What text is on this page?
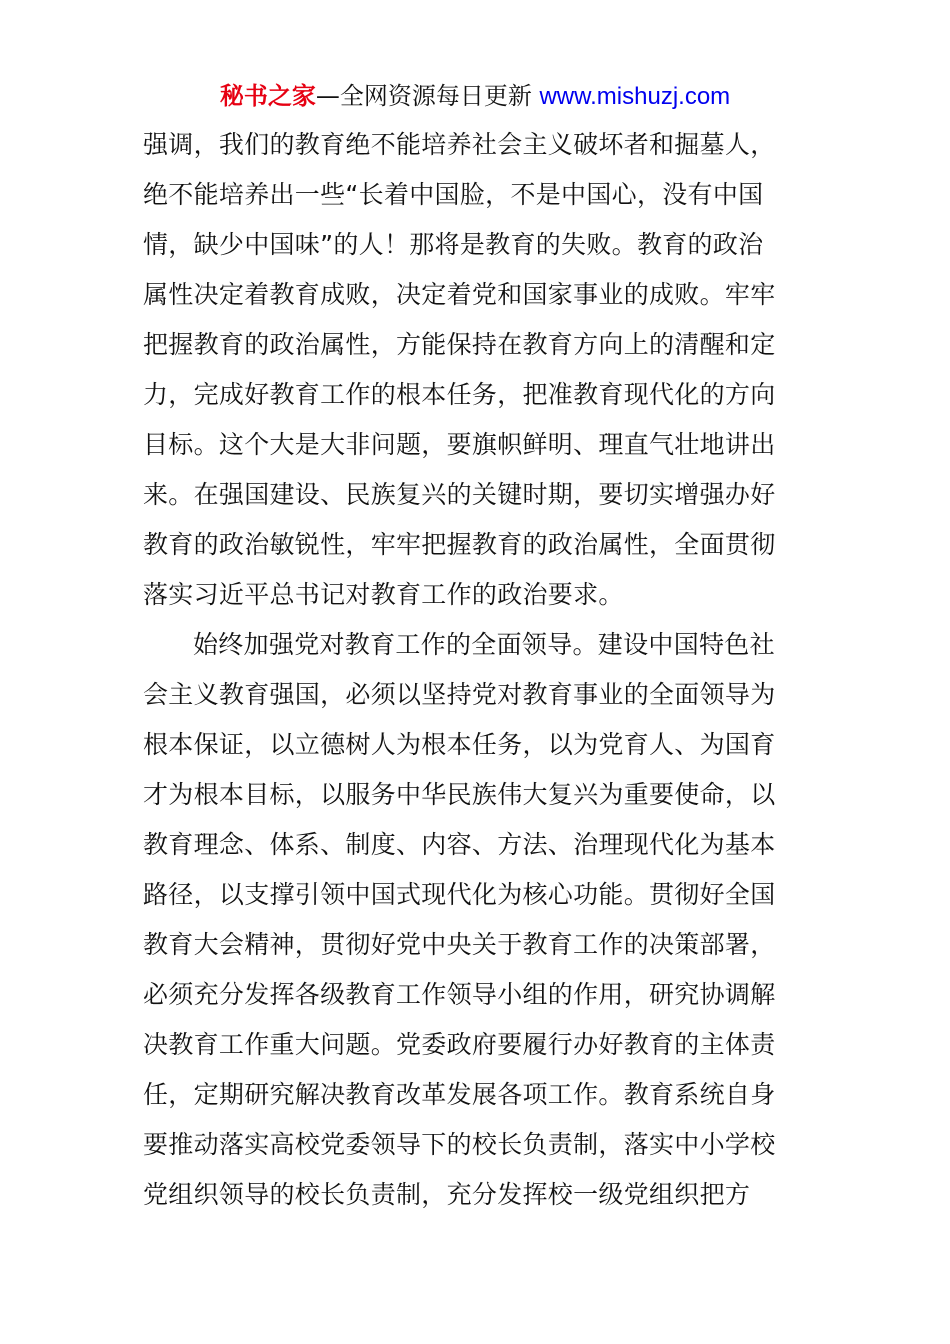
秘书之家—全网资源每日更新 www.mishuzj.com
强调，我们的教育绝不能培养社会主义破坏者和掘墓人，
绝不能培养出一些“长着中国脸，不是中国心，没有中国
情，缺少中国味”的人！那将是教育的失败。教育的政治
属性决定着教育成败，决定着党和国家事业的成败。牢牢
把握教育的政治属性，方能保持在教育方向上的清醒和定
力，完成好教育工作的根本任务，把准教育现代化的方向
目标。这个大是大非问题，要旗帜鲜明、理直气壮地讲出
来。在强国建设、民族复兴的关键时期，要切实增强办好
教育的政治敏锐性，牢牢把握教育的政治属性，全面贯彻
落实习近平总书记对教育工作的政治要求。
始终加强党对教育工作的全面领导。建设中国特色社
会主义教育强国，必须以坚持党对教育事业的全面领导为
根本保证，以立德树人为根本任务，以为党育人、为国育
才为根本目标，以服务中华民族伟大复兴为重要使命，以
教育理念、体系、制度、内容、方法、治理现代化为基本
路径，以支撑引领中国式现代化为核心功能。贯彻好全国
教育大会精神，贯彻好党中央关于教育工作的决策部署，
必须充分发挥各级教育工作领导小组的作用，研究协调解
决教育工作重大问题。党委政府要履行办好教育的主体责
任，定期研究解决教育改革发展各项工作。教育系统自身
要推动落实高校党委领导下的校长负责制，落实中小学校
党组织领导的校长负责制，充分发挥校一级党组织把方
